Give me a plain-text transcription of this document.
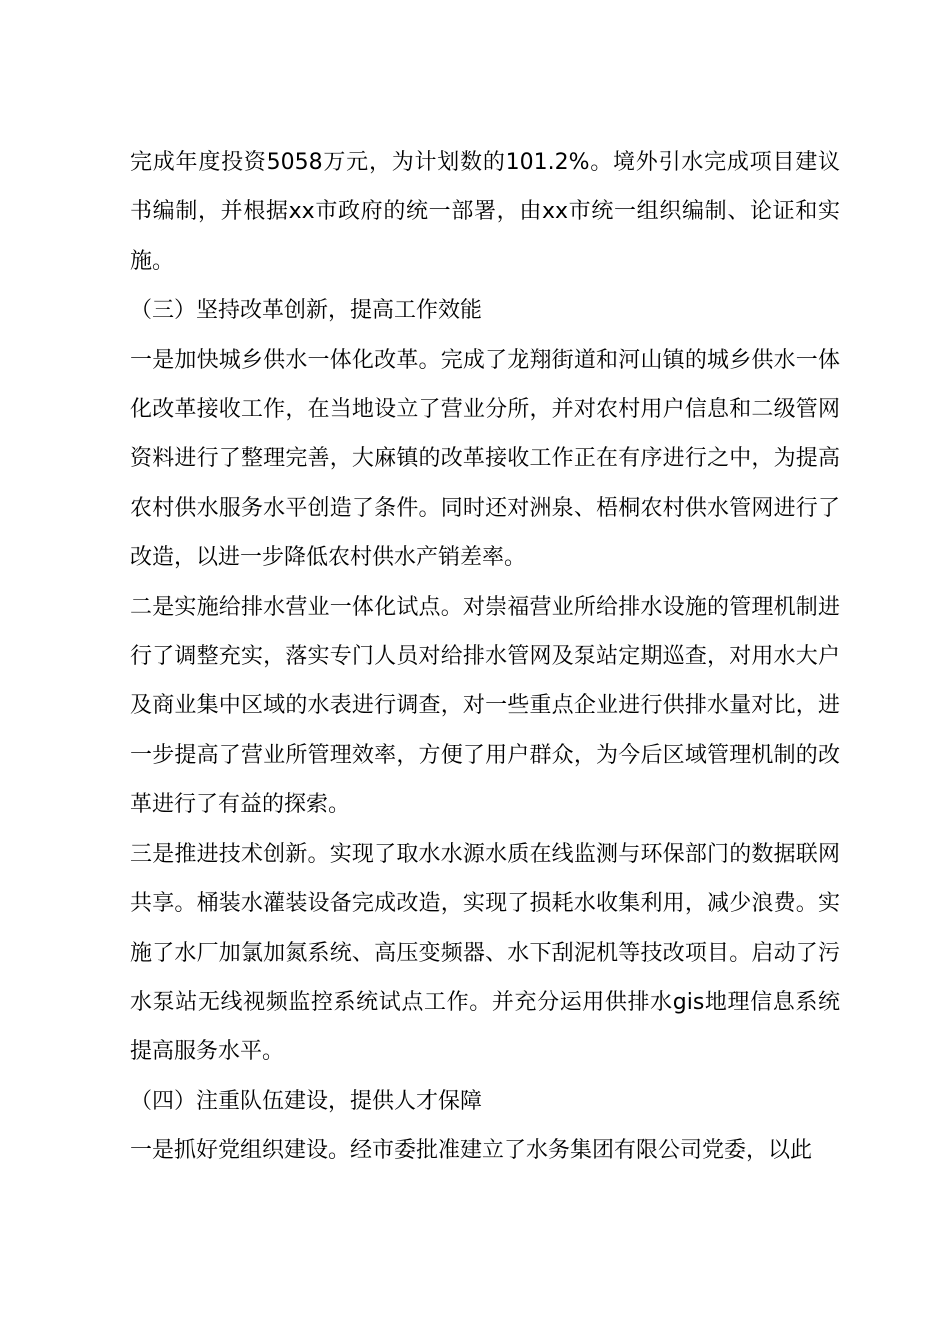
完成年度投资5058万元，为计划数的101.2%。境外引水完成项目建议书编制，并根据xx市政府的统一部署，由xx市统一组织编制、论证和实施。

（三）坚持改革创新，提高工作效能

一是加快城乡供水一体化改革。完成了龙翔街道和河山镇的城乡供水一体化改革接收工作，在当地设立了营业分所，并对农村用户信息和二级管网资料进行了整理完善，大麻镇的改革接收工作正在有序进行之中，为提高农村供水服务水平创造了条件。同时还对洲泉、梧桐农村供水管网进行了改造，以进一步降低农村供水产销差率。

二是实施给排水营业一体化试点。对崇福营业所给排水设施的管理机制进行了调整充实，落实专门人员对给排水管网及泵站定期巡查，对用水大户及商业集中区域的水表进行调查，对一些重点企业进行供排水量对比，进一步提高了营业所管理效率，方便了用户群众，为今后区域管理机制的改革进行了有益的探索。

三是推进技术创新。实现了取水水源水质在线监测与环保部门的数据联网共享。桶装水灌装设备完成改造，实现了损耗水收集利用，减少浪费。实施了水厂加氯加氮系统、高压变频器、水下刮泥机等技改项目。启动了污水泵站无线视频监控系统试点工作。并充分运用供排水gis地理信息系统提高服务水平。

（四）注重队伍建设，提供人才保障

一是抓好党组织建设。经市委批准建立了水务集团有限公司党委，以此
